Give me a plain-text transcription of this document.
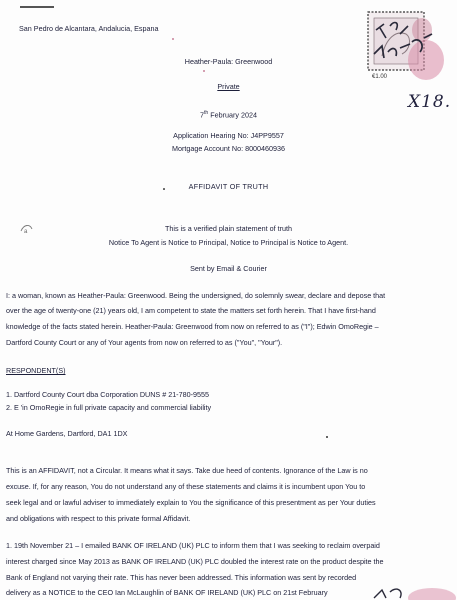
San Pedro de Alcantara, Andalucia, Espana
€1.00
X18.
Heather-Paula: Greenwood
Private
7th February 2024
Application Hearing No: J4PP9557
Mortgage Account No: 8000460936
AFFIDAVIT OF TRUTH
a	This is a verified plain statement of truth
Notice To Agent is Notice to Principal, Notice to Principal is Notice to Agent.
Sent by Email & Courier
I: a woman, known as Heather-Paula: Greenwood. Being the undersigned, do solemnly swear, declare and depose that
over the age of twenty-one (21) years old, I am competent to state the matters set forth herein. That I have first-hand
knowledge of the facts stated herein. Heather-Paula: Greenwood from now on referred to as ("I"); Edwin OmoRegie –
Dartford County Court or any of Your agents from now on referred to as ("You", "Your").
RESPONDENT(S)
1. Dartford County Court dba Corporation DUNS # 21-780-9555
2. E 'in OmoRegie in full private capacity and commercial liability
At Home Gardens, Dartford, DA1 1DX
This is an AFFIDAVIT, not a Circular. It means what it says. Take due heed of contents. Ignorance of the Law is no
excuse. If, for any reason, You do not understand any of these statements and claims it is incumbent upon You to
seek legal and or lawful adviser to immediately explain to You the significance of this presentment as per Your duties
and obligations with respect to this private formal Affidavit.
1. 19th November 21 – I emailed BANK OF IRELAND (UK) PLC to inform them that I was seeking to reclaim overpaid
interest charged since May 2013 as BANK OF IRELAND (UK) PLC doubled the interest rate on the product despite the
Bank of England not varying their rate. This has never been addressed. This information was sent by recorded
delivery as a NOTICE to the CEO Ian McLaughlin of BANK OF IRELAND (UK) PLC on 21st February
